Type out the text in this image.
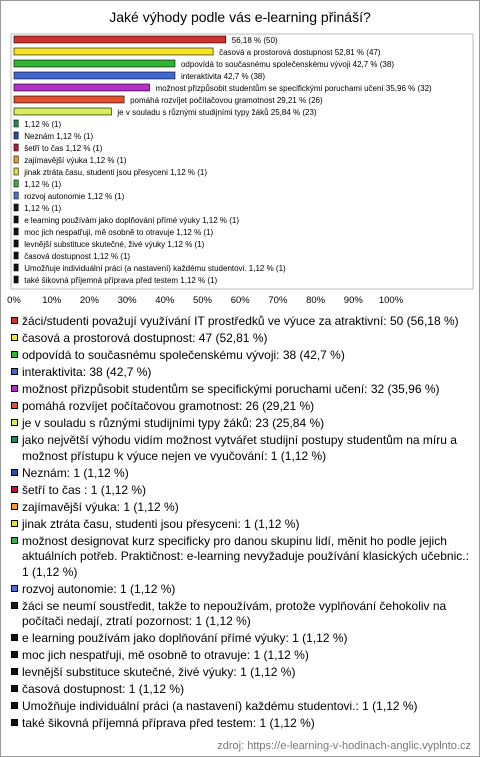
Jaké výhody podle vás e-learning přináší?
56,18 % (50)
časová a prostorová dostupnost 52,81 % (47)
odpovídá to současnému společenskému vývoji 42,7 % (38)
interaktivita 42,7 % (38)
možnost přizpůsobit studentům se specifickými poruchami učení 35,96 % (32)
pomáhá rozvíjet počítačovou gramotnost 29,21 % (26)
je v souladu s různými studijními typy žáků 25,84 % (23)
1,12 % (1)
Neznám 1,12 % (1)
šetří to čas 1,12 % (1)
zajímavější výuka 1,12 % (1)
jinak ztráta času, studenti jsou přesyceni 1,12 % (1)
1,12 % (1)
rozvoj autonomie 1,12 % (1)
1,12 % (1)
e learning používám jako doplňování přímé výuky 1,12 % (1)
moc jich nespatřuji, mě osobně to otravuje 1,12 % (1)
levnější substituce skutečné, živé výuky 1,12 % (1)
časová dostupnost 1,12 % (1)
Umožňuje individuální práci (a nastavení) každému studentovi. 1,12 % (1)
také šikovná příjemná příprava před testem 1,12 % (1)
0% 10% 20% 30% 40% 50% 60% 70% 80% 90% 100%
žáci/studenti považují využívání IT prostředků ve výuce za atraktivní: 50 (56,18 %)
časová a prostorová dostupnost: 47 (52,81 %)
odpovídá to současnému společenskému vývoji: 38 (42,7 %)
interaktivita: 38 (42,7 %)
možnost přizpůsobit studentům se specifickými poruchami učení: 32 (35,96 %)
pomáhá rozvíjet počítačovou gramotnost: 26 (29,21 %)
je v souladu s různými studijními typy žáků: 23 (25,84 %)
jako největší výhodu vidím možnost vytvářet studijní postupy studentům na míru a možnost přístupu k výuce nejen ve vyučování: 1 (1,12 %)
Neznám: 1 (1,12 %)
šetří to čas : 1 (1,12 %)
zajímavější výuka: 1 (1,12 %)
jinak ztráta času, studenti jsou přesyceni: 1 (1,12 %)
možnost designovat kurz specificky pro danou skupinu lidí, měnit ho podle jejich aktuálních potřeb. Praktičnost: e-learning nevyžaduje používání klasických učebnic.: 1 (1,12 %)
rozvoj autonomie: 1 (1,12 %)
žáci se neumí soustředit, takže to nepoužívám, protože vyplňování čehokoliv na počítači nedají, ztratí pozornost: 1 (1,12 %)
e learning používám jako doplňování přímé výuky: 1 (1,12 %)
moc jich nespatřuji, mě osobně to otravuje: 1 (1,12 %)
levnější substituce skutečné, živé výuky: 1 (1,12 %)
časová dostupnost: 1 (1,12 %)
Umožňuje individuální práci (a nastavení) každému studentovi.: 1 (1,12 %)
také šikovná příjemná příprava před testem: 1 (1,12 %)
zdroj: https://e-learning-v-hodinach-anglic.vyplnto.cz
